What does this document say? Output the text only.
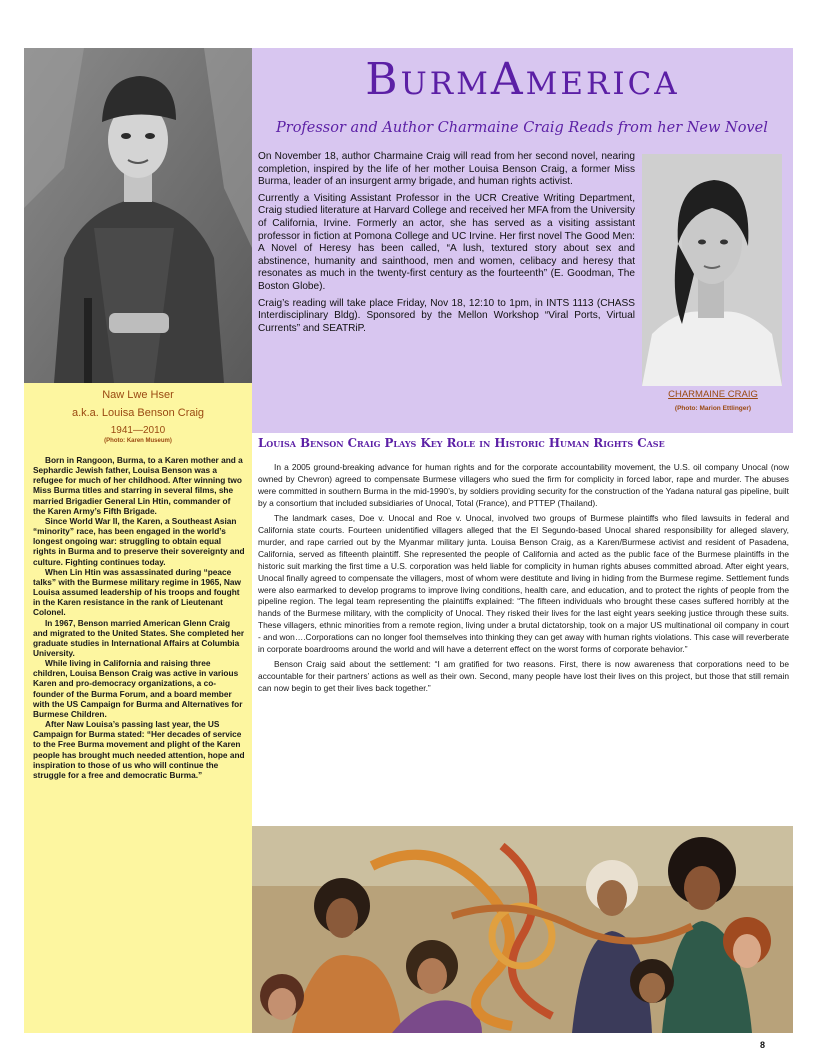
Naw Lwe Hser
a.k.a. Louisa Benson Craig
1941—2010
(Photo: Karen Museum)

Born in Rangoon, Burma, to a Karen mother and a Sephardic Jewish father, Louisa Benson was a refugee for much of her childhood. After winning two Miss Burma titles and starring in several films, she married Brigadier General Lin Htin, commander of the Karen Army’s Fifth Brigade.

Since World War II, the Karen, a Southeast Asian “minority” race, has been engaged in the world’s longest ongoing war: struggling to obtain equal rights in Burma and to preserve their sovereignty and culture. Fighting continues today.

When Lin Htin was assassinated during “peace talks” with the Burmese military regime in 1965, Naw Louisa assumed leadership of his troops and fought in the Karen resistance in the rank of Lieutenant Colonel.

In 1967, Benson married American Glenn Craig and migrated to the United States. She completed her graduate studies in International Affairs at Columbia University.

While living in California and raising three children, Louisa Benson Craig was active in various Karen and pro-democracy organizations, a co-founder of the Burma Forum, and a board member with the US Campaign for Burma and Alternatives for Burmese Children.

After Naw Louisa’s passing last year, the US Campaign for Burma stated: “Her decades of service to the Free Burma movement and plight of the Karen people has brought much needed attention, hope and inspiration to those of us who will continue the struggle for a free and democratic Burma.”

BurmAmerica
Professor and Author Charmaine Craig Reads from her New Novel

On November 18, author Charmaine Craig will read from her second novel, nearing completion, inspired by the life of her mother Louisa Benson Craig, a former Miss Burma, leader of an insurgent army brigade, and human rights activist.

Currently a Visiting Assistant Professor in the UCR Creative Writing Department, Craig studied literature at Harvard College and received her MFA from the University of California, Irvine. Formerly an actor, she has served as a visiting assistant professor in fiction at Pomona College and UC Irvine. Her first novel The Good Men: A Novel of Heresy has been called, “A lush, textured story about sex and abstinence, humanity and sainthood, men and women, celibacy and heresy that resonates as much in the twenty-first century as the fourteenth” (E. Goodman, The Boston Globe).

Craig’s reading will take place Friday, Nov 18, 12:10 to 1pm, in INTS 1113 (CHASS Interdisciplinary Bldg). Sponsored by the Mellon Workshop “Viral Ports, Virtual Currents” and SEATRiP.

CHARMAINE CRAIG
(Photo: Marion Ettlinger)
Louisa Benson Craig Plays Key Role in Historic Human Rights Case

In a 2005 ground-breaking advance for human rights and for the corporate accountability movement, the U.S. oil company Unocal (now owned by Chevron) agreed to compensate Burmese villagers who sued the firm for complicity in forced labor, rape and murder. The abuses were committed in southern Burma in the mid-1990’s, by soldiers providing security for the construction of the Yadana natural gas pipeline, built by a consortium that included subsidiaries of Unocal, Total (France), and PTTEP (Thailand).

The landmark cases, Doe v. Unocal and Roe v. Unocal, involved two groups of Burmese plaintiffs who filed lawsuits in federal and California state courts. Fourteen unidentified villagers alleged that the El Segundo-based Unocal shared responsibility for alleged slavery, murder, and rape carried out by the Myanmar military junta. Louisa Benson Craig, as a Karen/Burmese activist and resident of Pasadena, California, served as fifteenth plaintiff. She represented the people of California and acted as the public face of the Burmese plaintiffs in the historic suit marking the first time a U.S. corporation was held liable for complicity in human rights abuses committed abroad. After eight years, Unocal finally agreed to compensate the villagers, most of whom were destitute and living in hiding from the Burmese regime. Settlement funds were also earmarked to develop programs to improve living conditions, health care, and education, and to protect the rights of people from the pipeline region. The legal team representing the plaintiffs explained: “The fifteen individuals who brought these cases suffered horribly at the hands of the Burmese military, with the complicity of Unocal. They risked their lives for the last eight years seeking justice through these suits. These villagers, ethnic minorities from a remote region, living under a brutal dictatorship, took on a major US multinational oil company in court - and won….Corporations can no longer fool themselves into thinking they can get away with human rights violations. This case will reverberate in corporate boardrooms around the world and will have a deterrent effect on the worst forms of corporate behavior.”

Benson Craig said about the settlement: “I am gratified for two reasons. First, there is now awareness that corporations need to be accountable for their partners’ actions as well as their own. Second, many people have lost their lives on this project, but those that still remain can now begin to get their lives back together.”

8
